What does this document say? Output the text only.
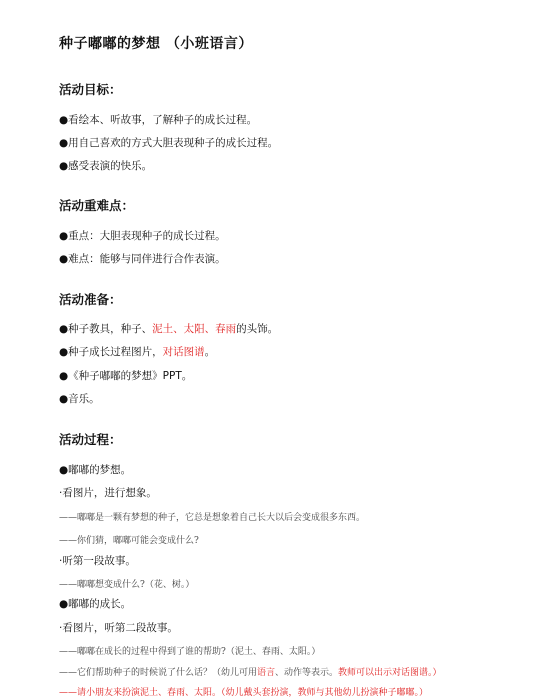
种子嘟嘟的梦想 （小班语言）
活动目标：
●看绘本、听故事，了解种子的成长过程。
●用自己喜欢的方式大胆表现种子的成长过程。
●感受表演的快乐。
活动重难点：
●重点：大胆表现种子的成长过程。
●难点：能够与同伴进行合作表演。
活动准备：
●种子教具，种子、泥土、太阳、春雨的头饰。
●种子成长过程图片，对话图谱。
●《种子嘟嘟的梦想》PPT。
●音乐。
活动过程：
●嘟嘟的梦想。
·看图片，进行想象。
——嘟嘟是一颗有梦想的种子，它总是想象着自己长大以后会变成很多东西。
——你们猜，嘟嘟可能会变成什么?
·听第一段故事。
——嘟嘟想变成什么?（花、树。）
●嘟嘟的成长。
·看图片，听第二段故事。
——嘟嘟在成长的过程中得到了谁的帮助?（泥土、春雨、太阳。）
——它们帮助种子的时候说了什么话？（幼儿可用语言、动作等表示。教师可以出示对话图谱。）
——请小朋友来扮演泥土、春雨、太阳。（幼儿戴头套扮演，教师与其他幼儿扮演种子嘟嘟。）
